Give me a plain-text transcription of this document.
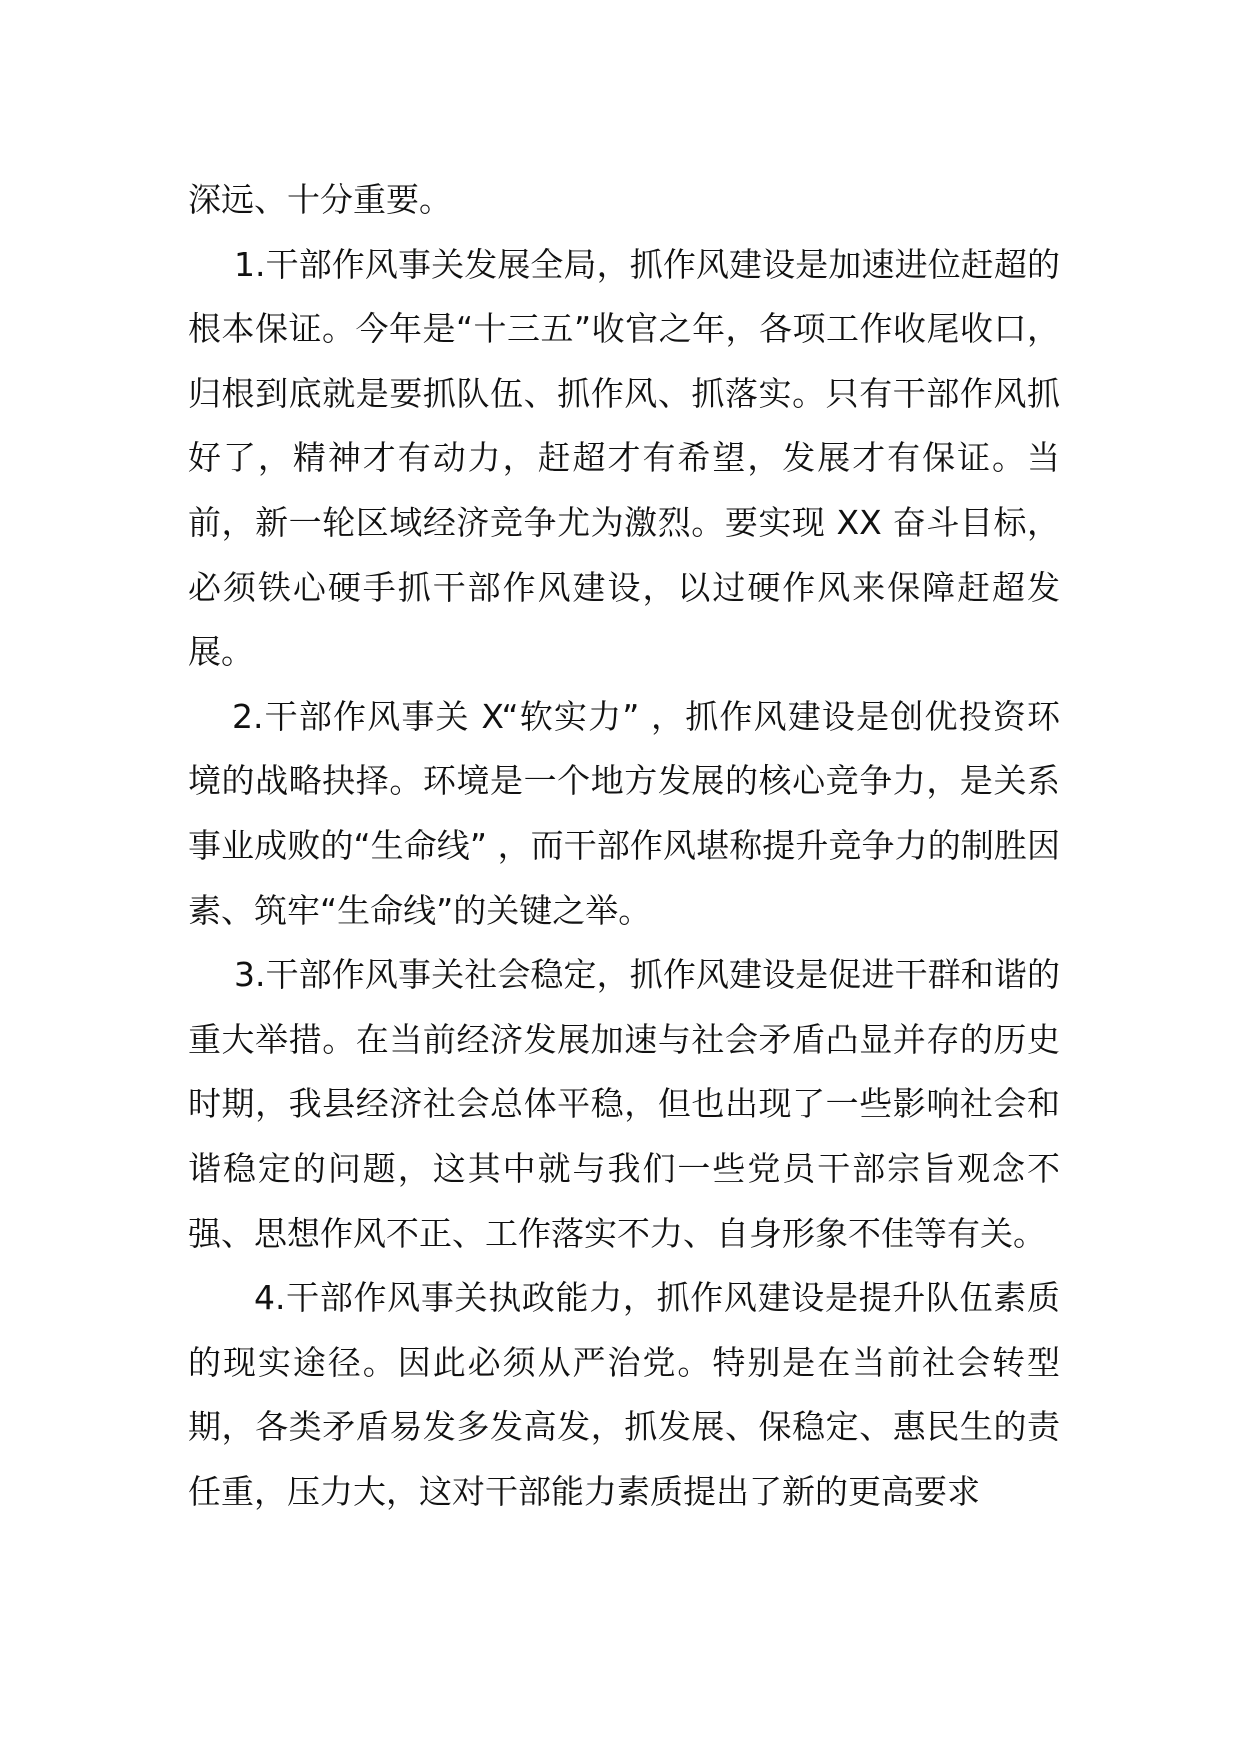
深远、十分重要。

1.干部作风事关发展全局，抓作风建设是加速进位赶超的根本保证。今年是“十三五”收官之年，各项工作收尾收口，归根到底就是要抓队伍、抓作风、抓落实。只有干部作风抓好了，精神才有动力，赶超才有希望，发展才有保证。当前，新一轮区域经济竞争尤为激烈。要实现 XX 奋斗目标，必须铁心硬手抓干部作风建设，以过硬作风来保障赶超发展。

2.干部作风事关 X“软实力” ，抓作风建设是创优投资环境的战略抉择。环境是一个地方发展的核心竞争力，是关系事业成败的“生命线” ，而干部作风堪称提升竞争力的制胜因素、筑牢“生命线”的关键之举。

3.干部作风事关社会稳定，抓作风建设是促进干群和谐的重大举措。在当前经济发展加速与社会矛盾凸显并存的历史时期，我县经济社会总体平稳，但也出现了一些影响社会和谐稳定的问题，这其中就与我们一些党员干部宗旨观念不强、思想作风不正、工作落实不力、自身形象不佳等有关。

4.干部作风事关执政能力，抓作风建设是提升队伍素质的现实途径。因此必须从严治党。特别是在当前社会转型期，各类矛盾易发多发高发，抓发展、保稳定、惠民生的责任重，压力大，这对干部能力素质提出了新的更高要求
